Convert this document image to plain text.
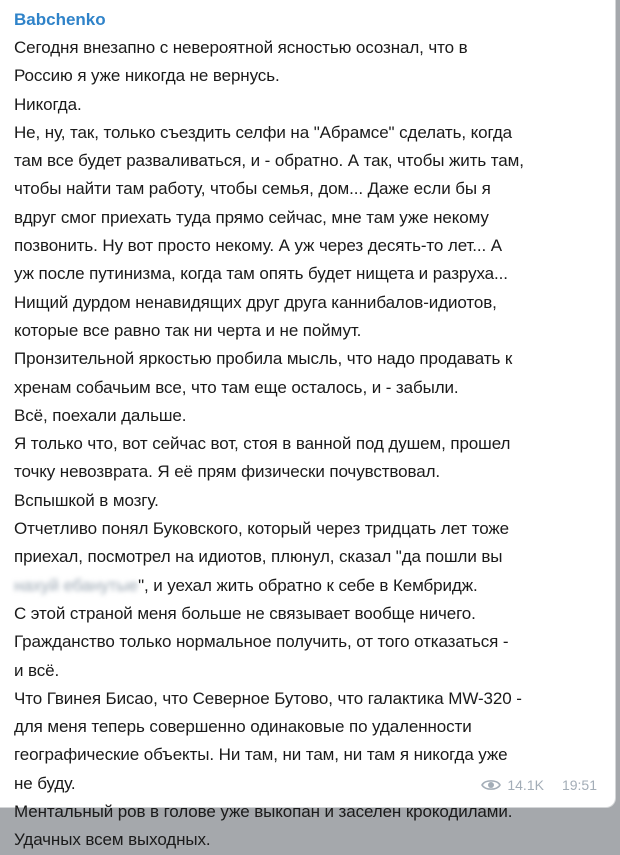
Babchenko
Сегодня внезапно с невероятной ясностью осознал, что в
Россию я уже никогда не вернусь.
Никогда.
Не, ну, так, только съездить селфи на "Абрамсе" сделать, когда
там все будет разваливаться, и - обратно. А так, чтобы жить там,
чтобы найти там работу, чтобы семья, дом... Даже если бы я
вдруг смог приехать туда прямо сейчас, мне там уже некому
позвонить. Ну вот просто некому. А уж через десять-то лет... А
уж после путинизма, когда там опять будет нищета и разруха...
Нищий дурдом ненавидящих друг друга каннибалов-идиотов,
которые все равно так ни черта и не поймут.
Пронзительной яркостью пробила мысль, что надо продавать к
хренам собачьим все, что там еще осталось, и - забыли.
Всё, поехали дальше.
Я только что, вот сейчас вот, стоя в ванной под душем, прошел
точку невозврата. Я её прям физически почувствовал.
Вспышкой в мозгу.
Отчетливо понял Буковского, который через тридцать лет тоже
приехал, посмотрел на идиотов, плюнул, сказал "да пошли вы
нахуй ебанутые", и уехал жить обратно к себе в Кембридж.
С этой страной меня больше не связывает вообще ничего.
Гражданство только нормальное получить, от того отказаться -
и всё.
Что Гвинея Бисао, что Северное Бутово, что галактика MW-320 -
для меня теперь совершенно одинаковые по удаленности
географические объекты. Ни там, ни там, ни там я никогда уже
не буду.
Ментальный ров в голове уже выкопан и заселен крокодилами.
Удачных всем выходных.
14.1K 19:51
